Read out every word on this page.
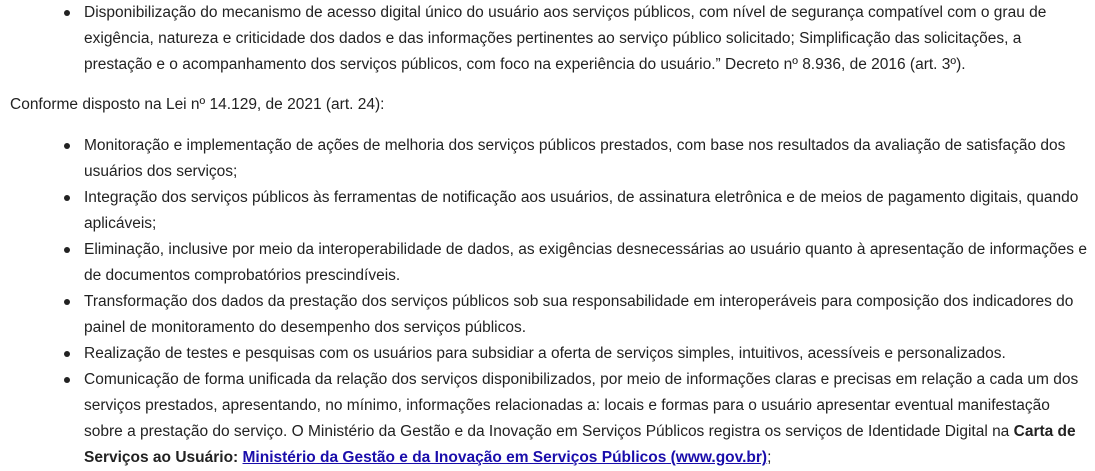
Disponibilização do mecanismo de acesso digital único do usuário aos serviços públicos, com nível de segurança compatível com o grau de exigência, natureza e criticidade dos dados e das informações pertinentes ao serviço público solicitado; Simplificação das solicitações, a prestação e o acompanhamento dos serviços públicos, com foco na experiência do usuário.” Decreto nº 8.936, de 2016 (art. 3º).

Conforme disposto na Lei nº 14.129, de 2021 (art. 24):

Monitoração e implementação de ações de melhoria dos serviços públicos prestados, com base nos resultados da avaliação de satisfação dos usuários dos serviços;
Integração dos serviços públicos às ferramentas de notificação aos usuários, de assinatura eletrônica e de meios de pagamento digitais, quando aplicáveis;
Eliminação, inclusive por meio da interoperabilidade de dados, as exigências desnecessárias ao usuário quanto à apresentação de informações e de documentos comprobatórios prescindíveis.
Transformação dos dados da prestação dos serviços públicos sob sua responsabilidade em interoperáveis para composição dos indicadores do painel de monitoramento do desempenho dos serviços públicos.
Realização de testes e pesquisas com os usuários para subsidiar a oferta de serviços simples, intuitivos, acessíveis e personalizados.
Comunicação de forma unificada da relação dos serviços disponibilizados, por meio de informações claras e precisas em relação a cada um dos serviços prestados, apresentando, no mínimo, informações relacionadas a: locais e formas para o usuário apresentar eventual manifestação sobre a prestação do serviço. O Ministério da Gestão e da Inovação em Serviços Públicos registra os serviços de Identidade Digital na Carta de Serviços ao Usuário: Ministério da Gestão e da Inovação em Serviços Públicos (www.gov.br);
